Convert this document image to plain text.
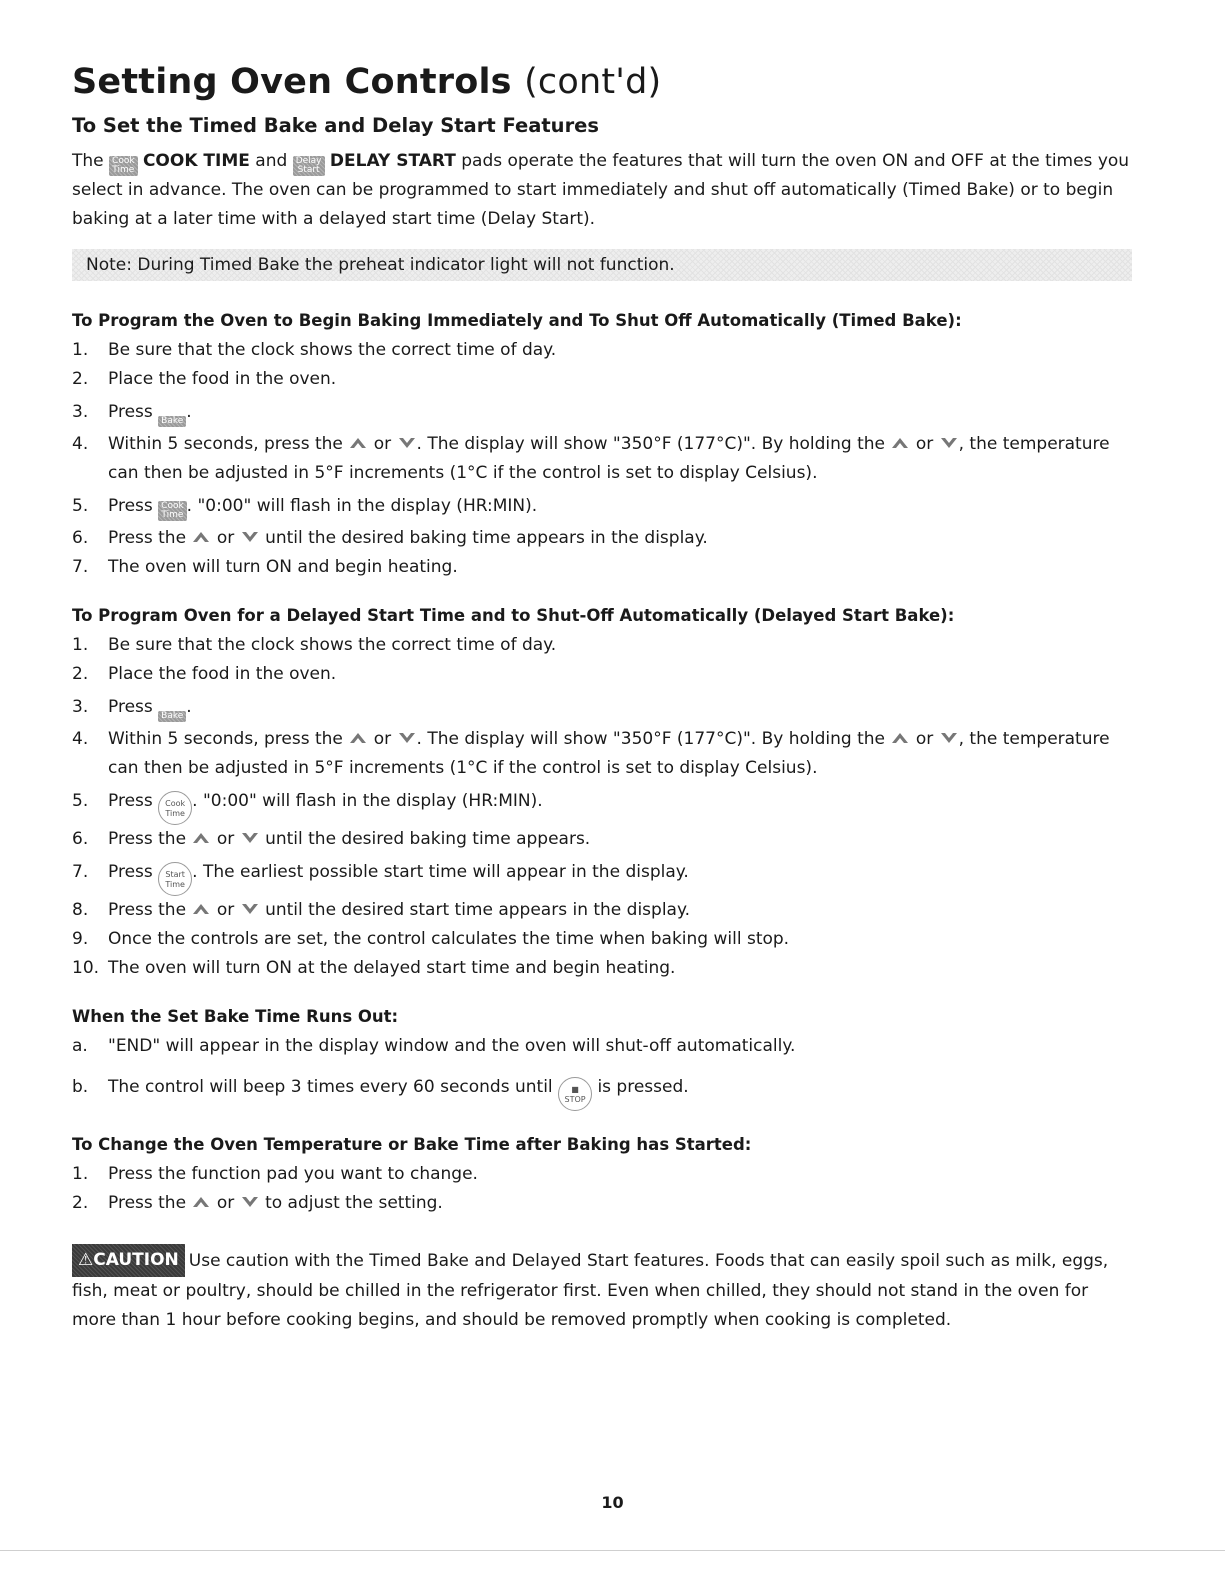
Setting Oven Controls (cont'd)
To Set the Timed Bake and Delay Start Features

The Cook
Time COOK TIME and Delay
Start DELAY START pads operate the features that will turn the oven ON and OFF at the times you select in advance. The oven can be programmed to start immediately and shut off automatically (Timed Bake) or to begin baking at a later time with a delayed start time (Delay Start).

Note: During Timed Bake the preheat indicator light will not function.
To Program the Oven to Begin Baking Immediately and To Shut Off Automatically (Timed Bake):
1. Be sure that the clock shows the correct time of day.
2. Place the food in the oven.
3. Press Bake .
4. Within 5 seconds, press the or . The display will show "350°F (177°C)". By holding the or , the temperature can then be adjusted in 5°F increments (1°C if the control is set to display Celsius).
5. Press Cook
Time . "0:00" will flash in the display (HR:MIN).
6. Press the or until the desired baking time appears in the display.
7. The oven will turn ON and begin heating.
To Program Oven for a Delayed Start Time and to Shut-Off Automatically (Delayed Start Bake):
1. Be sure that the clock shows the correct time of day.
2. Place the food in the oven.
3. Press Bake .
4. Within 5 seconds, press the or . The display will show "350°F (177°C)". By holding the or , the temperature can then be adjusted in 5°F increments (1°C if the control is set to display Celsius).
5. Press Cook
Time. "0:00" will flash in the display (HR:MIN).
6. Press the or until the desired baking time appears.
7. Press Start
Time. The earliest possible start time will appear in the display.
8. Press the or until the desired start time appears in the display.
9. Once the controls are set, the control calculates the time when baking will stop.
10. The oven will turn ON at the delayed start time and begin heating.
When the Set Bake Time Runs Out:
a. "END" will appear in the display window and the oven will shut-off automatically.
b. The control will beep 3 times every 60 seconds until ■
STOP is pressed.
To Change the Oven Temperature or Bake Time after Baking has Started:
1. Press the function pad you want to change.
2. Press the or to adjust the setting.

⚠CAUTION Use caution with the Timed Bake and Delayed Start features. Foods that can easily spoil such as milk, eggs, fish, meat or poultry, should be chilled in the refrigerator first. Even when chilled, they should not stand in the oven for more than 1 hour before cooking begins, and should be removed promptly when cooking is completed.

10
